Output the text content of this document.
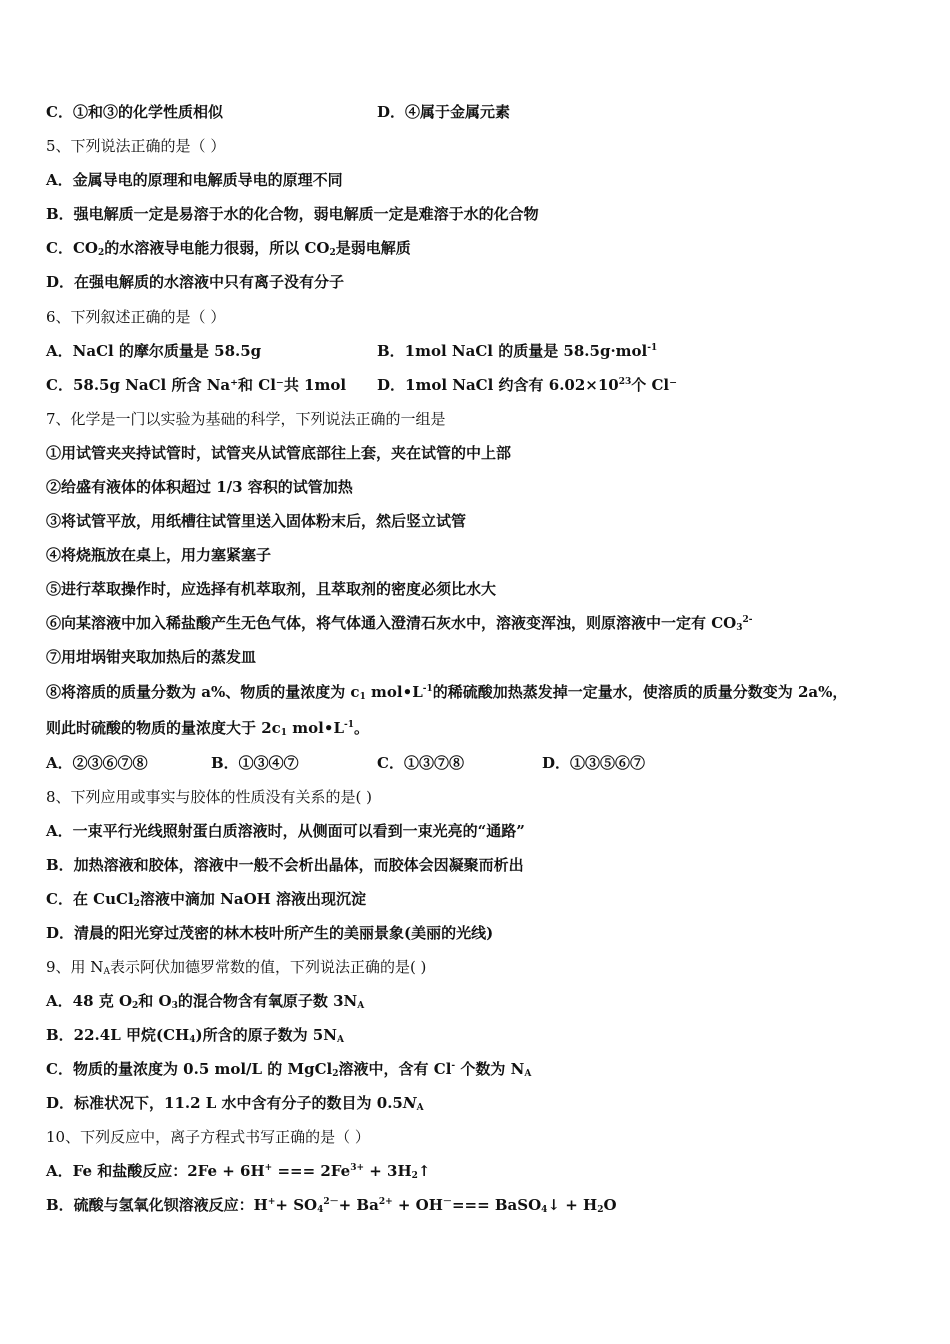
C．①和③的化学性质相似	D．④属于金属元素
5、下列说法正确的是（ ）
A．金属导电的原理和电解质导电的原理不同
B．强电解质一定是易溶于水的化合物，弱电解质一定是难溶于水的化合物
C．$CO_2$的水溶液导电能力很弱，所以 $CO_2$是弱电解质
D．在强电解质的水溶液中只有离子没有分子
6、下列叙述正确的是（ ）
A．NaCl 的摩尔质量是 58.5g	B．1mol NaCl 的质量是 58.5g·mol$^{-1}$
C．58.5g NaCl 所含 Na⁺和 Cl⁻共 1mol D．1mol NaCl 约含有 $6.02\times 10^{23}$个 Cl⁻
7、化学是一门以实验为基础的科学，下列说法正确的一组是
①用试管夹夹持试管时，试管夹从试管底部往上套，夹在试管的中上部
②给盛有液体的体积超过 1/3 容积的试管加热
③将试管平放，用纸槽往试管里送入固体粉末后，然后竖立试管
④将烧瓶放在桌上，用力塞紧塞子
⑤进行萃取操作时，应选择有机萃取剂，且萃取剂的密度必须比水大
⑥向某溶液中加入稀盐酸产生无色气体，将气体通入澄清石灰水中，溶液变浑浊，则原溶液中一定有 $CO_3^{2-}$
⑦用坩埚钳夹取加热后的蒸发皿
⑧将溶质的质量分数为 a%、物质的量浓度为 $c_1$ $mol•L^{-1}$的稀硫酸加热蒸发掉一定量水，使溶质的质量分数变为 2a%，
则此时硫酸的物质的量浓度大于 $2c_1$ $mol•L^{-1}$。
A．②③⑥⑦⑧	B．①③④⑦	C．①③⑦⑧	D．①③⑤⑥⑦
8、下列应用或事实与胶体的性质没有关系的是( )
A．一束平行光线照射蛋白质溶液时，从侧面可以看到一束光亮的“通路”
B．加热溶液和胶体，溶液中一般不会析出晶体，而胶体会因凝聚而析出
C．在 CuCl$_2$溶液中滴加 NaOH 溶液出现沉淀
D．清晨的阳光穿过茂密的林木枝叶所产生的美丽景象(美丽的光线)
9、用 $N_A$表示阿伏加德罗常数的值，下列说法正确的是( )
A．48 克 $O_2$和 $O_3$的混合物含有氧原子数 $3N_A$
B．22.4L 甲烷$(CH_4)$所含的原子数为 $5N_A$
C．物质的量浓度为 0.5 mol/L 的 MgCl$_2$溶液中，含有 Cl- 个数为 $N_A$
D．标准状况下，11.2 L 水中含有分子的数目为 $0.5N_A$
10、下列反应中，离子方程式书写正确的是（ ）
A．Fe 和盐酸反应：2Fe + 6H+ === $2Fe^{3+}$ + $3H_2↑$
B．硫酸与氢氧化钡溶液反应：$H^++ SO_4^{2-}+ Ba^{2+} + OH^-===$ BaSO$_4$↓ + $H_2O$
